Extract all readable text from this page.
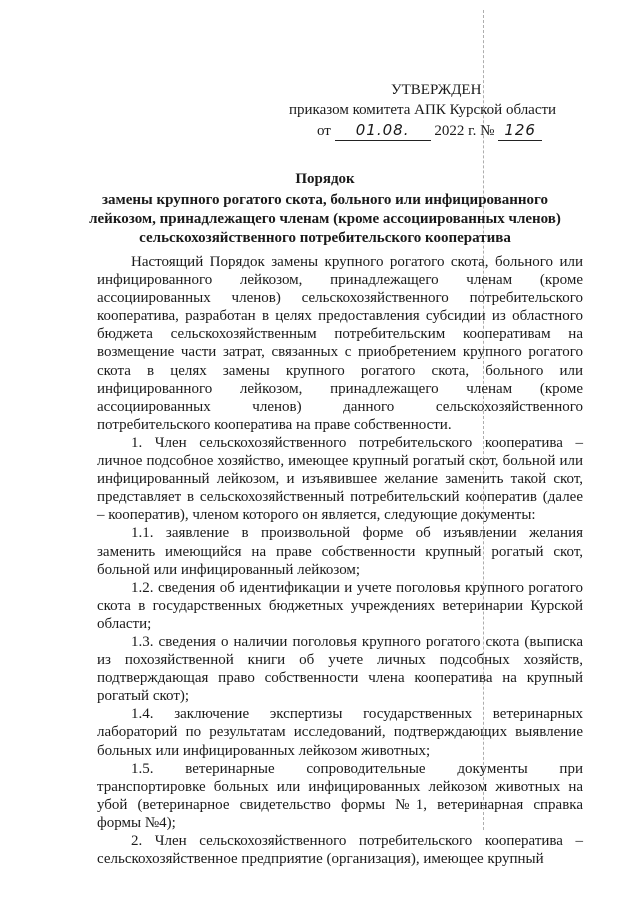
УТВЕРЖДЕН
приказом комитета АПК Курской области
от 01.08. 2022 г. № 126
Порядок
замены крупного рогатого скота, больного или инфицированного лейкозом, принадлежащего членам (кроме ассоциированных членов) сельскохозяйственного потребительского кооператива

Настоящий Порядок замены крупного рогатого скота, больного или инфицированного лейкозом, принадлежащего членам (кроме ассоциированных членов) сельскохозяйственного потребительского кооператива, разработан в целях предоставления субсидии из областного бюджета сельскохозяйственным потребительским кооперативам на возмещение части затрат, связанных с приобретением крупного рогатого скота в целях замены крупного рогатого скота, больного или инфицированного лейкозом, принадлежащего членам (кроме ассоциированных членов) данного сельскохозяйственного потребительского кооператива на праве собственности.

1. Член сельскохозяйственного потребительского кооператива – личное подсобное хозяйство, имеющее крупный рогатый скот, больной или инфицированный лейкозом, и изъявившее желание заменить такой скот, представляет в сельскохозяйственный потребительский кооператив (далее – кооператив), членом которого он является, следующие документы:

1.1. заявление в произвольной форме об изъявлении желания заменить имеющийся на праве собственности крупный рогатый скот, больной или инфицированный лейкозом;

1.2. сведения об идентификации и учете поголовья крупного рогатого скота в государственных бюджетных учреждениях ветеринарии Курской области;

1.3. сведения о наличии поголовья крупного рогатого скота (выписка из похозяйственной книги об учете личных подсобных хозяйств, подтверждающая право собственности члена кооператива на крупный рогатый скот);

1.4. заключение экспертизы государственных ветеринарных лабораторий по результатам исследований, подтверждающих выявление больных или инфицированных лейкозом животных;

1.5. ветеринарные сопроводительные документы при транспортировке больных или инфицированных лейкозом животных на убой (ветеринарное свидетельство формы №1, ветеринарная справка формы №4);

2. Член сельскохозяйственного потребительского кооператива – сельскохозяйственное предприятие (организация), имеющее крупный
